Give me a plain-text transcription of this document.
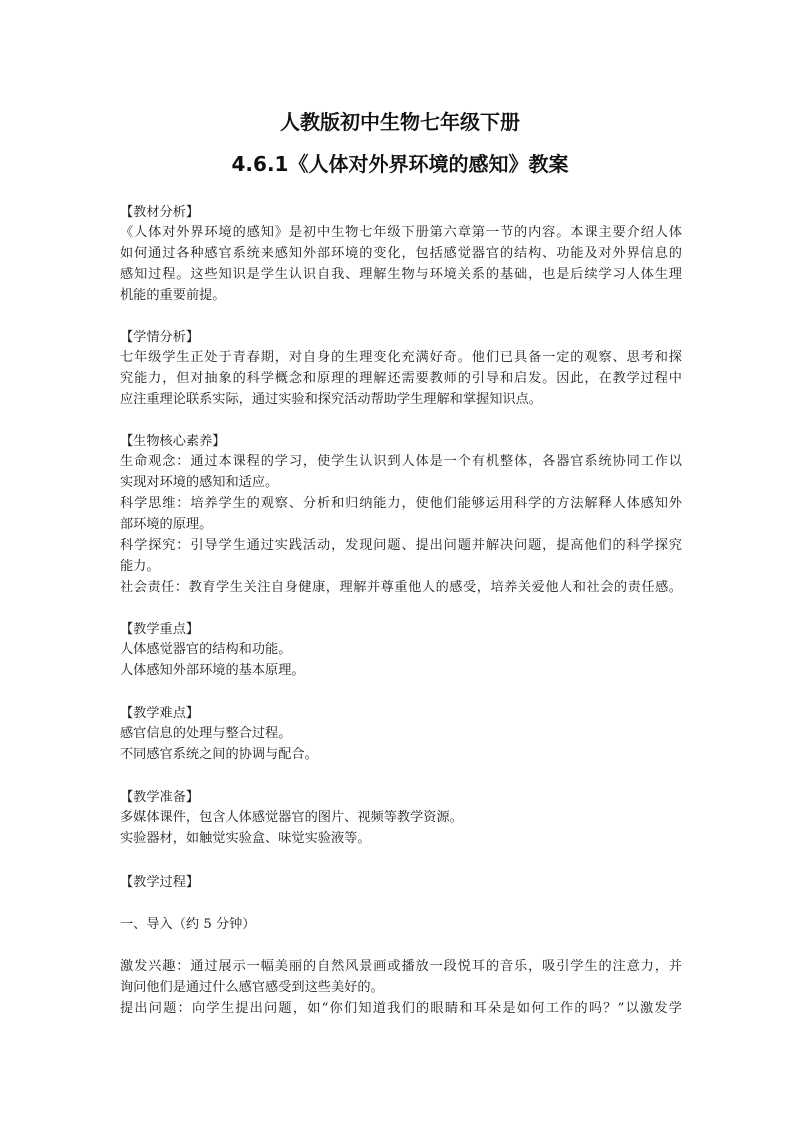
人教版初中生物七年级下册
4.6.1《人体对外界环境的感知》教案
【教材分析】
《人体对外界环境的感知》是初中生物七年级下册第六章第一节的内容。本课主要介绍人体
如何通过各种感官系统来感知外部环境的变化，包括感觉器官的结构、功能及对外界信息的
感知过程。这些知识是学生认识自我、理解生物与环境关系的基础，也是后续学习人体生理
机能的重要前提。
【学情分析】
七年级学生正处于青春期，对自身的生理变化充满好奇。他们已具备一定的观察、思考和探
究能力，但对抽象的科学概念和原理的理解还需要教师的引导和启发。因此，在教学过程中
应注重理论联系实际，通过实验和探究活动帮助学生理解和掌握知识点。
【生物核心素养】
生命观念：通过本课程的学习，使学生认识到人体是一个有机整体，各器官系统协同工作以
实现对环境的感知和适应。
科学思维：培养学生的观察、分析和归纳能力，使他们能够运用科学的方法解释人体感知外
部环境的原理。
科学探究：引导学生通过实践活动，发现问题、提出问题并解决问题，提高他们的科学探究
能力。
社会责任：教育学生关注自身健康，理解并尊重他人的感受，培养关爱他人和社会的责任感。
【教学重点】
人体感觉器官的结构和功能。
人体感知外部环境的基本原理。
【教学难点】
感官信息的处理与整合过程。
不同感官系统之间的协调与配合。
【教学准备】
多媒体课件，包含人体感觉器官的图片、视频等教学资源。
实验器材，如触觉实验盒、味觉实验液等。
【教学过程】
一、导入（约 5 分钟）
激发兴趣：通过展示一幅美丽的自然风景画或播放一段悦耳的音乐，吸引学生的注意力，并
询问他们是通过什么感官感受到这些美好的。
提出问题：向学生提出问题，如“你们知道我们的眼睛和耳朵是如何工作的吗？”以激发学
